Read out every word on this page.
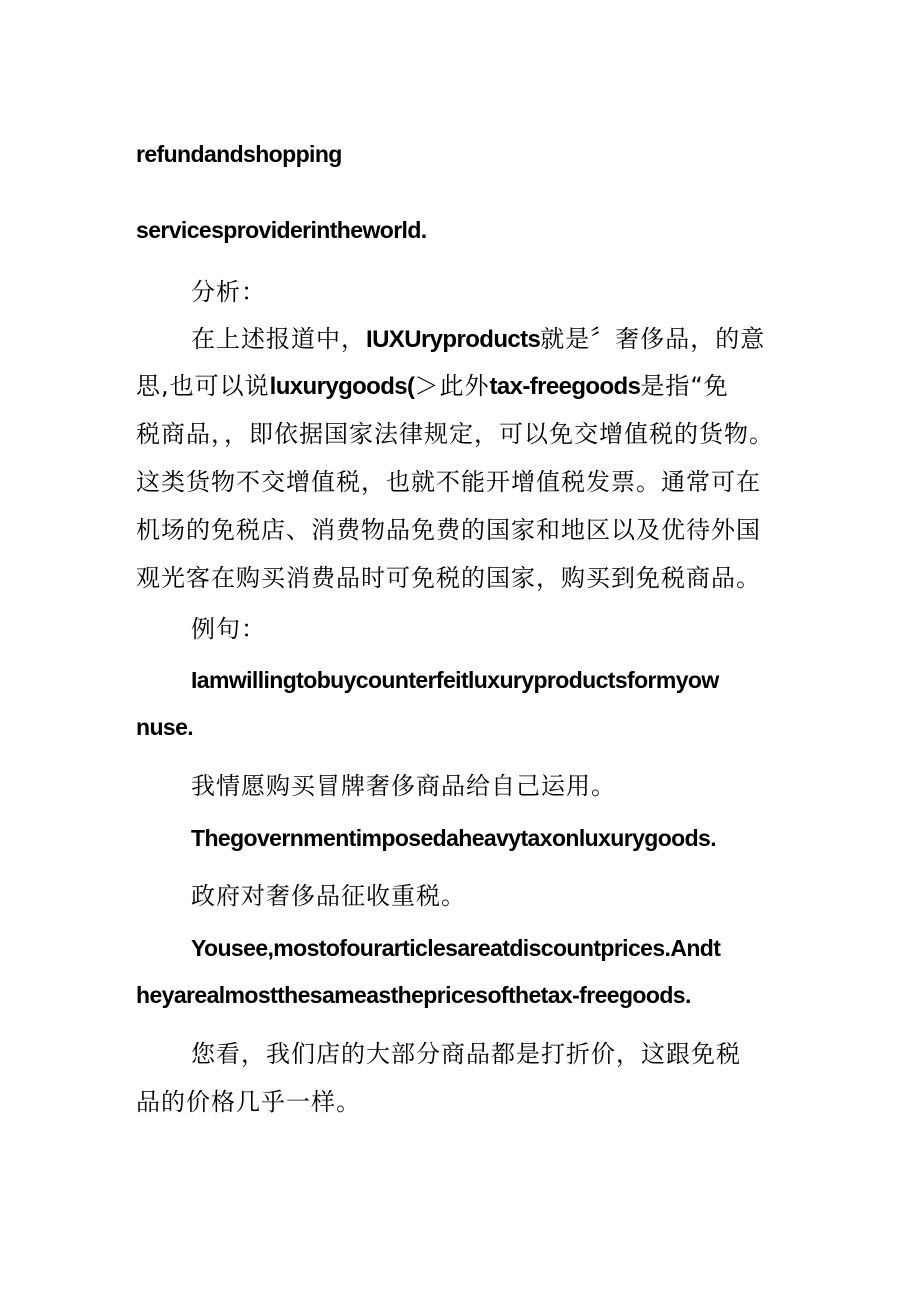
refundandshopping

servicesproviderintheworld.

分析：

在上述报道中，IUXUryproducts就是〞奢侈品，的意

思,也可以说luxurygoods(＞此外tax-freegoods是指“免

税商品，，即依据国家法律规定，可以免交增值税的货物。

这类货物不交增值税，也就不能开增值税发票。通常可在

机场的免税店、消费物品免费的国家和地区以及优待外国

观光客在购买消费品时可免税的国家，购买到免税商品。

例句：

Iamwillingtobuycounterfeitluxuryproductsformyow

nuse.

我情愿购买冒牌奢侈商品给自己运用。

Thegovernmentimposedaheavytaxonluxurygoods.

政府对奢侈品征收重税。

Yousee,mostofourarticlesareatdiscountprices.Andt

heyarealmostthesameasthepricesofthetax-freegoods.

您看，我们店的大部分商品都是打折价，这跟免税

品的价格几乎一样。
